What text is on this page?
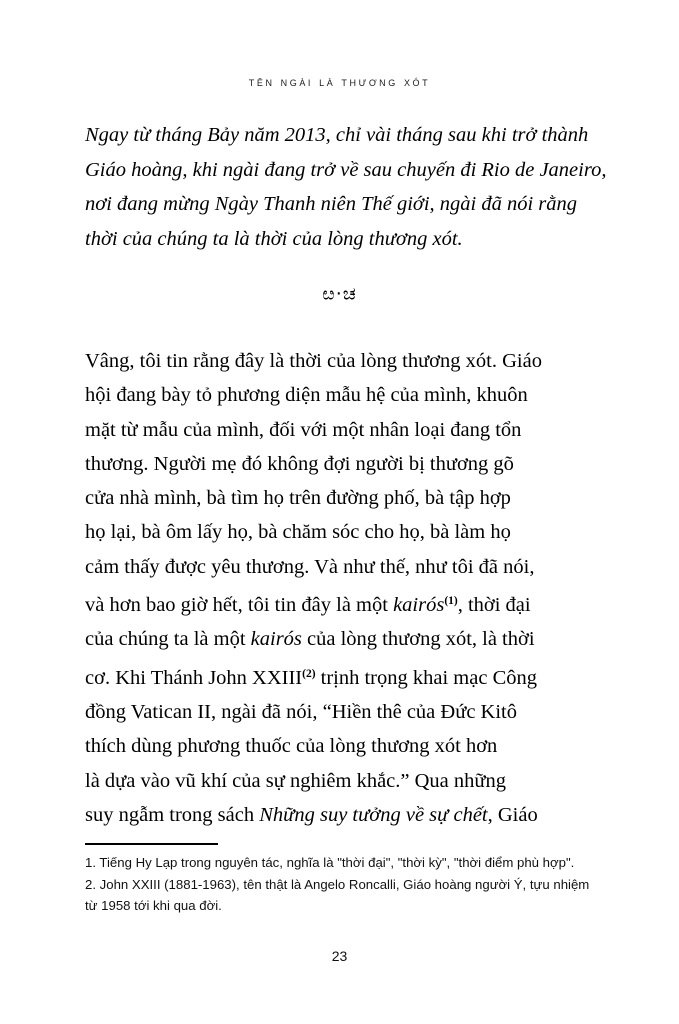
tên ngài là thương xót
Ngay từ tháng Bảy năm 2013, chỉ vài tháng sau khi trở thành
Giáo hoàng, khi ngài đang trở về sau chuyến đi Rio de Janeiro,
nơi đang mừng Ngày Thanh niên Thế giới, ngài đã nói rằng
thời của chúng ta là thời của lòng thương xót.
ೞ·ಚ

Vâng, tôi tin rằng đây là thời của lòng thương xót. Giáo
hội đang bày tỏ phương diện mẫu hệ của mình, khuôn
mặt từ mẫu của mình, đối với một nhân loại đang tổn
thương. Người mẹ đó không đợi người bị thương gõ
cửa nhà mình, bà tìm họ trên đường phố, bà tập hợp
họ lại, bà ôm lấy họ, bà chăm sóc cho họ, bà làm họ
cảm thấy được yêu thương. Và như thế, như tôi đã nói,
và hơn bao giờ hết, tôi tin đây là một kairós$^{(1)}$, thời đại
của chúng ta là một kairós của lòng thương xót, là thời
cơ. Khi Thánh John XXIII$^{(2)}$ trịnh trọng khai mạc Công
đồng Vatican II, ngài đã nói, “Hiền thê của Đức Kitô
thích dùng phương thuốc của lòng thương xót hơn
là dựa vào vũ khí của sự nghiêm khắc.” Qua những
suy ngẫm trong sách Những suy tưởng về sự chết, Giáo

1. Tiếng Hy Lạp trong nguyên tác, nghĩa là "thời đại", "thời kỳ", "thời điểm phù hợp".
2. John XXIII (1881-1963), tên thật là Angelo Roncalli, Giáo hoàng người Ý, tựu nhiệm từ 1958 tới khi qua đời.
23
